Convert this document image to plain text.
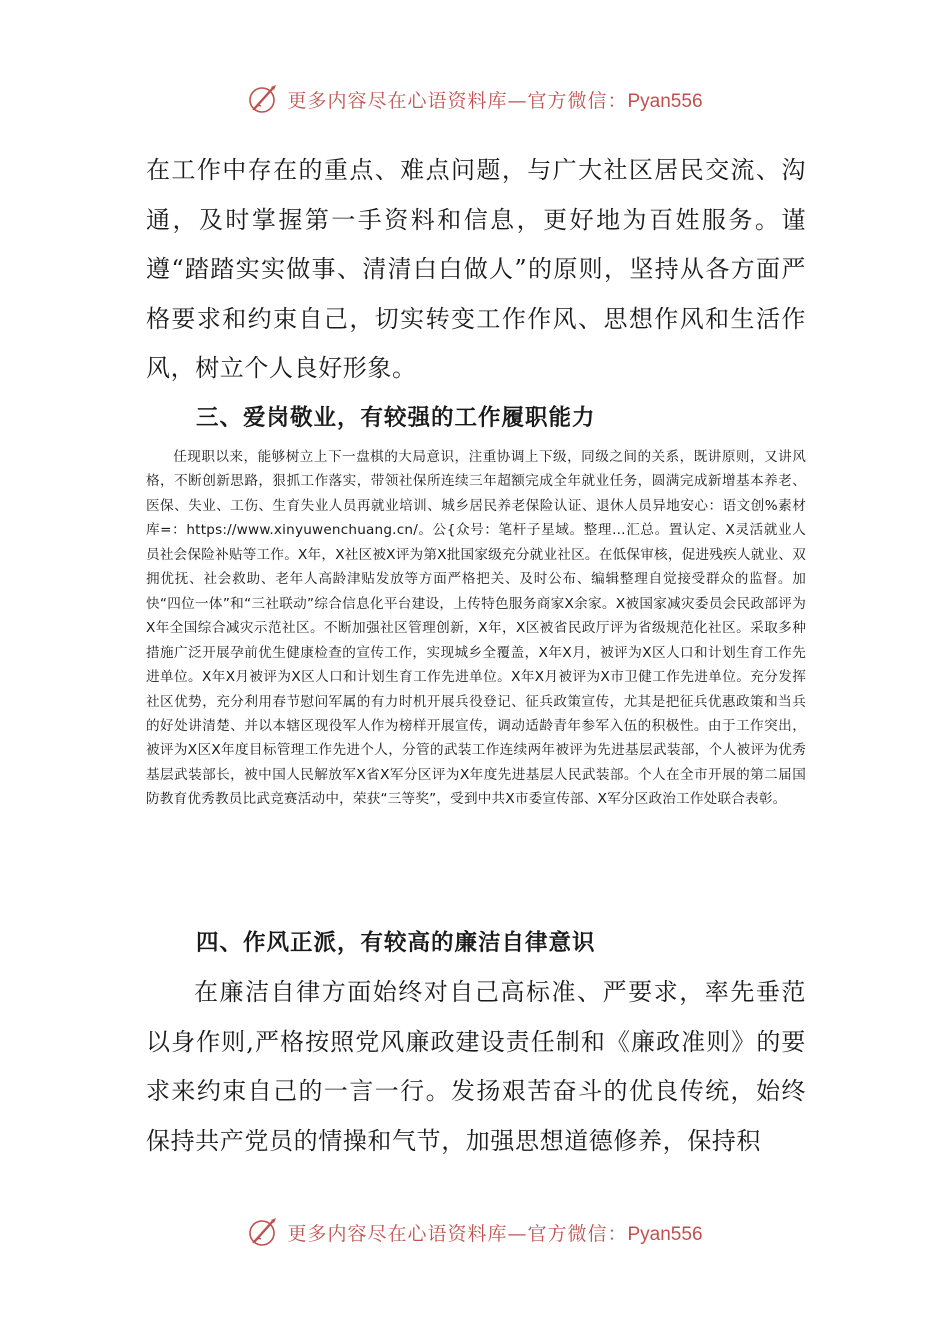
更多内容尽在心语资料库—官方微信：Pyan556

在工作中存在的重点、难点问题，与广大社区居民交流、沟通，及时掌握第一手资料和信息，更好地为百姓服务。谨遵“踏踏实实做事、清清白白做人”的原则，坚持从各方面严格要求和约束自己，切实转变工作作风、思想作风和生活作风，树立个人良好形象。

三、爱岗敬业，有较强的工作履职能力

任现职以来，能够树立上下一盘棋的大局意识，注重协调上下级，同级之间的关系，既讲原则，又讲风格，不断创新思路，狠抓工作落实，带领社保所连续三年超额完成全年就业任务，圆满完成新增基本养老、医保、失业、工伤、生育失业人员再就业培训、城乡居民养老保险认证、退休人员异地安心：语文创%素材库=：https://www.xinyuwenchuang.cn/。公{众号：笔杆子星域。整理…汇总。置认定、X灵活就业人员社会保险补贴等工作。X年，X社区被X评为第X批国家级充分就业社区。在低保审核，促进残疾人就业、双拥优抚、社会救助、老年人高龄津贴发放等方面严格把关、及时公布、编辑整理自觉接受群众的监督。加快“四位一体”和“三社联动”综合信息化平台建设，上传特色服务商家X余家。X被国家减灾委员会民政部评为X年全国综合减灾示范社区。不断加强社区管理创新，X年，X区被省民政厅评为省级规范化社区。采取多种措施广泛开展孕前优生健康检查的宣传工作，实现城乡全覆盖，X年X月，被评为X区人口和计划生育工作先进单位。X年X月被评为X区人口和计划生育工作先进单位。X年X月被评为X市卫健工作先进单位。充分发挥社区优势，充分利用春节慰问军属的有力时机开展兵役登记、征兵政策宣传，尤其是把征兵优惠政策和当兵的好处讲清楚、并以本辖区现役军人作为榜样开展宣传，调动适龄青年参军入伍的积极性。由于工作突出，被评为X区X年度目标管理工作先进个人，分管的武装工作连续两年被评为先进基层武装部，个人被评为优秀基层武装部长，被中国人民解放军X省X军分区评为X年度先进基层人民武装部。个人在全市开展的第二届国防教育优秀教员比武竞赛活动中，荣获“三等奖”，受到中共X市委宣传部、X军分区政治工作处联合表彰。

四、作风正派，有较高的廉洁自律意识

在廉洁自律方面始终对自己高标准、严要求，率先垂范以身作则,严格按照党风廉政建设责任制和《廉政准则》的要求来约束自己的一言一行。发扬艰苦奋斗的优良传统，始终保持共产党员的情操和气节，加强思想道德修养，保持积

更多内容尽在心语资料库—官方微信：Pyan556
